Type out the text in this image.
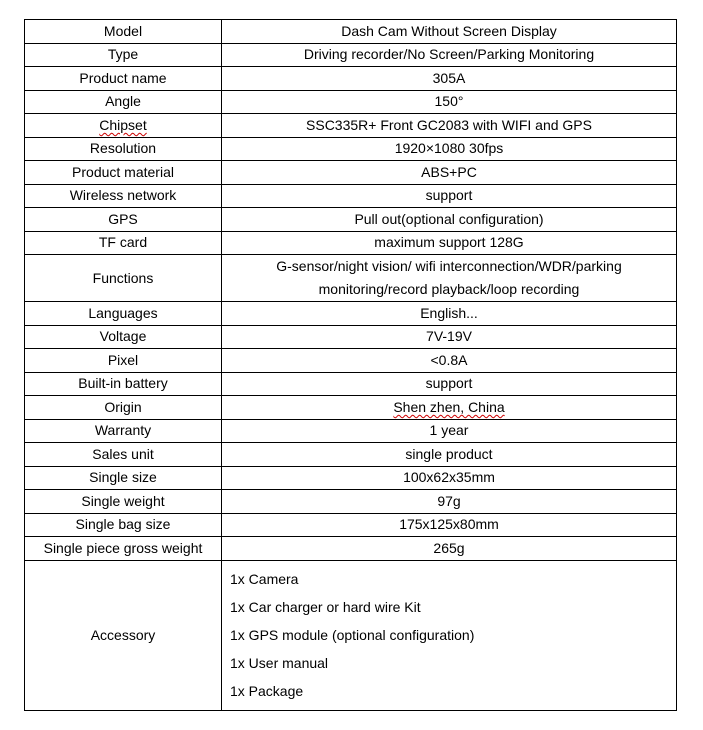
Model	Dash Cam Without Screen Display
Type	Driving recorder/No Screen/Parking Monitoring
Product name	305A
Angle	150°
Chipset	SSC335R+ Front GC2083 with WIFI and GPS
Resolution	1920×1080 30fps
Product material	ABS+PC
Wireless network	support
GPS	Pull out(optional configuration)
TF card	maximum support 128G
Functions	G-sensor/night vision/ wifi interconnection/WDR/parking monitoring/record playback/loop recording
Languages	English...
Voltage	7V-19V
Pixel	<0.8A
Built-in battery	support
Origin	Shen zhen, China
Warranty	1 year
Sales unit	single product
Single size	100x62x35mm
Single weight	97g
Single bag size	175x125x80mm
Single piece gross weight	265g
Accessory	1x Camera
1x Car charger or hard wire Kit
1x GPS module (optional configuration)
1x User manual
1x Package
